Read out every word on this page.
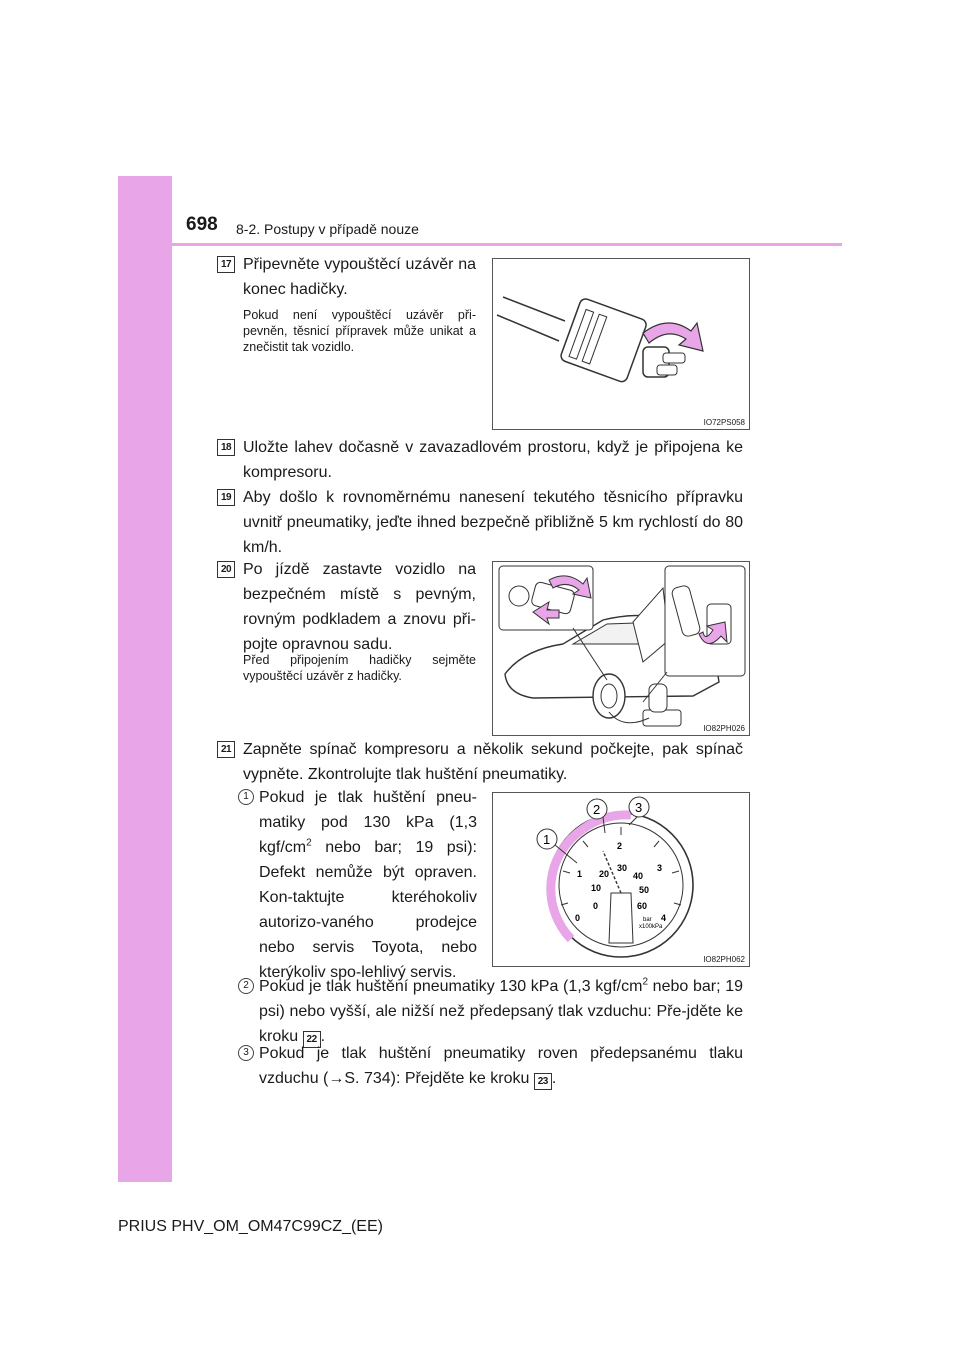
698 8-2. Postupy v případě nouze
17 Připevněte vypouštěcí uzávěr na konec hadičky.
Pokud není vypouštěcí uzávěr při-pevněn, těsnicí přípravek může unikat a znečistit tak vozidlo.
IO72PS058
18 Uložte lahev dočasně v zavazadlovém prostoru, když je připojena ke kompresoru.
19 Aby došlo k rovnoměrnému nanesení tekutého těsnicího přípravku uvnitř pneumatiky, jeďte ihned bezpečně přibližně 5 km rychlostí do 80 km/h.
20 Po jízdě zastavte vozidlo na bezpečném místě s pevným, rovným podkladem a znovu při-pojte opravnou sadu.
Před připojením hadičky sejměte vypouštěcí uzávěr z hadičky.
IO82PH026
21 Zapněte spínač kompresoru a několik sekund počkejte, pak spínač vypněte. Zkontrolujte tlak huštění pneumatiky.
1 Pokud je tlak huštění pneu-matiky pod 130 kPa (1,3 kgf/$cm^2$ nebo bar; 19 psi): Defekt nemůže být opraven. Kon-taktujte kteréhokoliv autorizo-vaného prodejce nebo servis Toyota, nebo kterýkoliv spo-lehlivý servis.
0
1
2
3
4
0
10
20
30
40
50
60
bar
x100kPa
1
2	3
IO82PH062
2 Pokud je tlak huštění pneumatiky 130 kPa (1,3 kgf/$cm^2$ nebo bar; 19 psi) nebo vyšší, ale nižší než předepsaný tlak vzduchu: Pře-jděte ke kroku 22 .
3 Pokud je tlak huštění pneumatiky roven předepsanému tlaku vzduchu (→S. 734): Přejděte ke kroku 23 .
PRIUS PHV_OM_OM47C99CZ_(EE)
